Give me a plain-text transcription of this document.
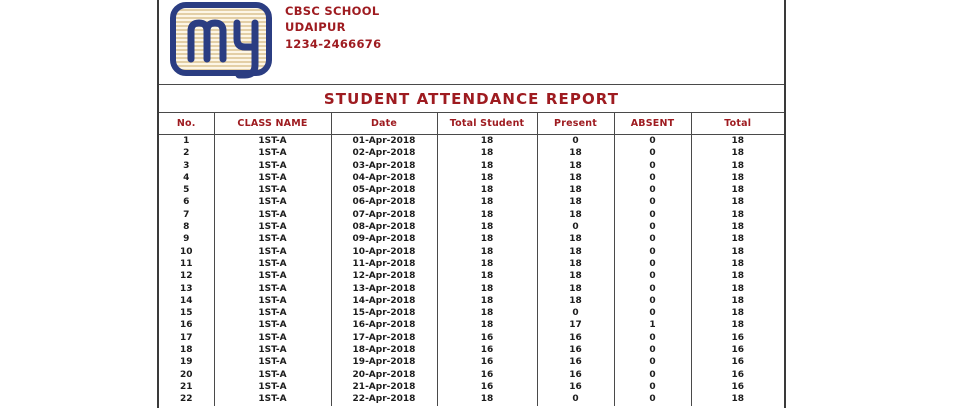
CBSC SCHOOL
UDAIPUR
1234-2466676
STUDENT ATTENDANCE REPORT
No.	CLASS NAME	Date	Total Student	Present	ABSENT	Total
1	1ST-A	01-Apr-2018	18	0	0	18
2	1ST-A	02-Apr-2018	18	18	0	18
3	1ST-A	03-Apr-2018	18	18	0	18
4	1ST-A	04-Apr-2018	18	18	0	18
5	1ST-A	05-Apr-2018	18	18	0	18
6	1ST-A	06-Apr-2018	18	18	0	18
7	1ST-A	07-Apr-2018	18	18	0	18
8	1ST-A	08-Apr-2018	18	0	0	18
9	1ST-A	09-Apr-2018	18	18	0	18
10	1ST-A	10-Apr-2018	18	18	0	18
11	1ST-A	11-Apr-2018	18	18	0	18
12	1ST-A	12-Apr-2018	18	18	0	18
13	1ST-A	13-Apr-2018	18	18	0	18
14	1ST-A	14-Apr-2018	18	18	0	18
15	1ST-A	15-Apr-2018	18	0	0	18
16	1ST-A	16-Apr-2018	18	17	1	18
17	1ST-A	17-Apr-2018	16	16	0	16
18	1ST-A	18-Apr-2018	16	16	0	16
19	1ST-A	19-Apr-2018	16	16	0	16
20	1ST-A	20-Apr-2018	16	16	0	16
21	1ST-A	21-Apr-2018	16	16	0	16
22	1ST-A	22-Apr-2018	18	0	0	18
